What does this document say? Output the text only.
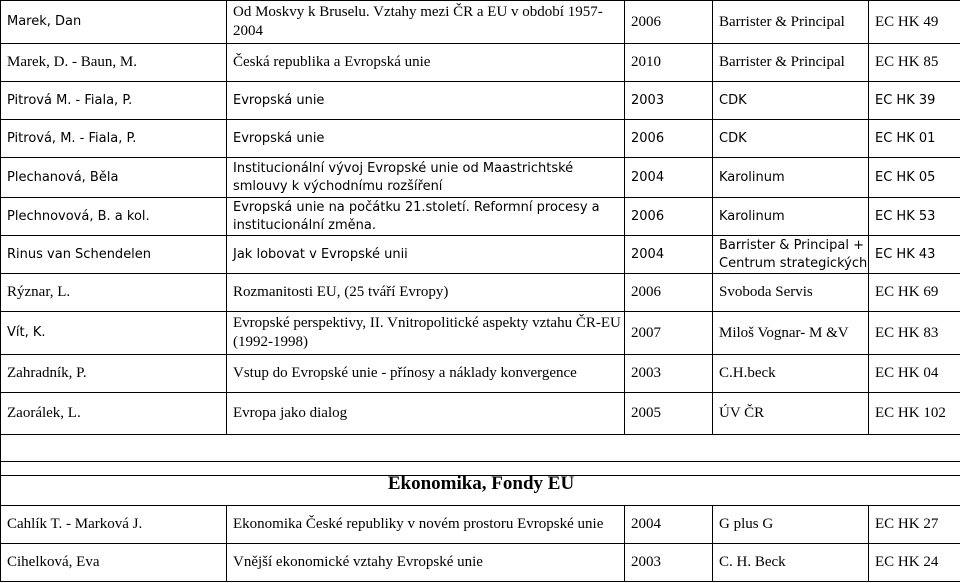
Marek, Dan	Od Moskvy k Bruselu. Vztahy mezi ČR a EU v období 1957-2004	2006	Barrister & Principal	EC HK 49
Marek, D. - Baun, M.	Česká republika a Evropská unie	2010	Barrister & Principal	EC HK 85
Pitrová M. - Fiala, P.	Evropská unie	2003	CDK	EC HK 39
Pitrová, M. - Fiala, P.	Evropská unie	2006	CDK	EC HK 01
Plechanová, Běla	Institucionální vývoj Evropské unie od Maastrichtské smlouvy k východnímu rozšíření	2004	Karolinum	EC HK 05
Plechnovová, B. a kol.	Evropská unie na počátku 21.století. Reformní procesy a institucionální změna.	2006	Karolinum	EC HK 53
Rinus van Schendelen	Jak lobovat v Evropské unii	2004	Barrister & Principal + Centrum strategických	EC HK 43
Rýznar, L.	Rozmanitosti EU, (25 tváří Evropy)	2006	Svoboda Servis	EC HK 69
Vít, K.	Evropské perspektivy, II. Vnitropolitické aspekty vztahu ČR-EU (1992-1998)	2007	Miloš Vognar- M &V	EC HK 83
Zahradník, P.	Vstup do Evropské unie - přínosy a náklady konvergence	2003	C.H.beck	EC HK 04
Zaorálek, L.	Evropa jako dialog	2005	ÚV ČR	EC HK 102

Ekonomika, Fondy EU				
Cahlík T. - Marková J.	Ekonomika České republiky v novém prostoru Evropské unie	2004	G plus G	EC HK 27
Cihelková, Eva	Vnější ekonomické vztahy Evropské unie	2003	C. H. Beck	EC HK 24
